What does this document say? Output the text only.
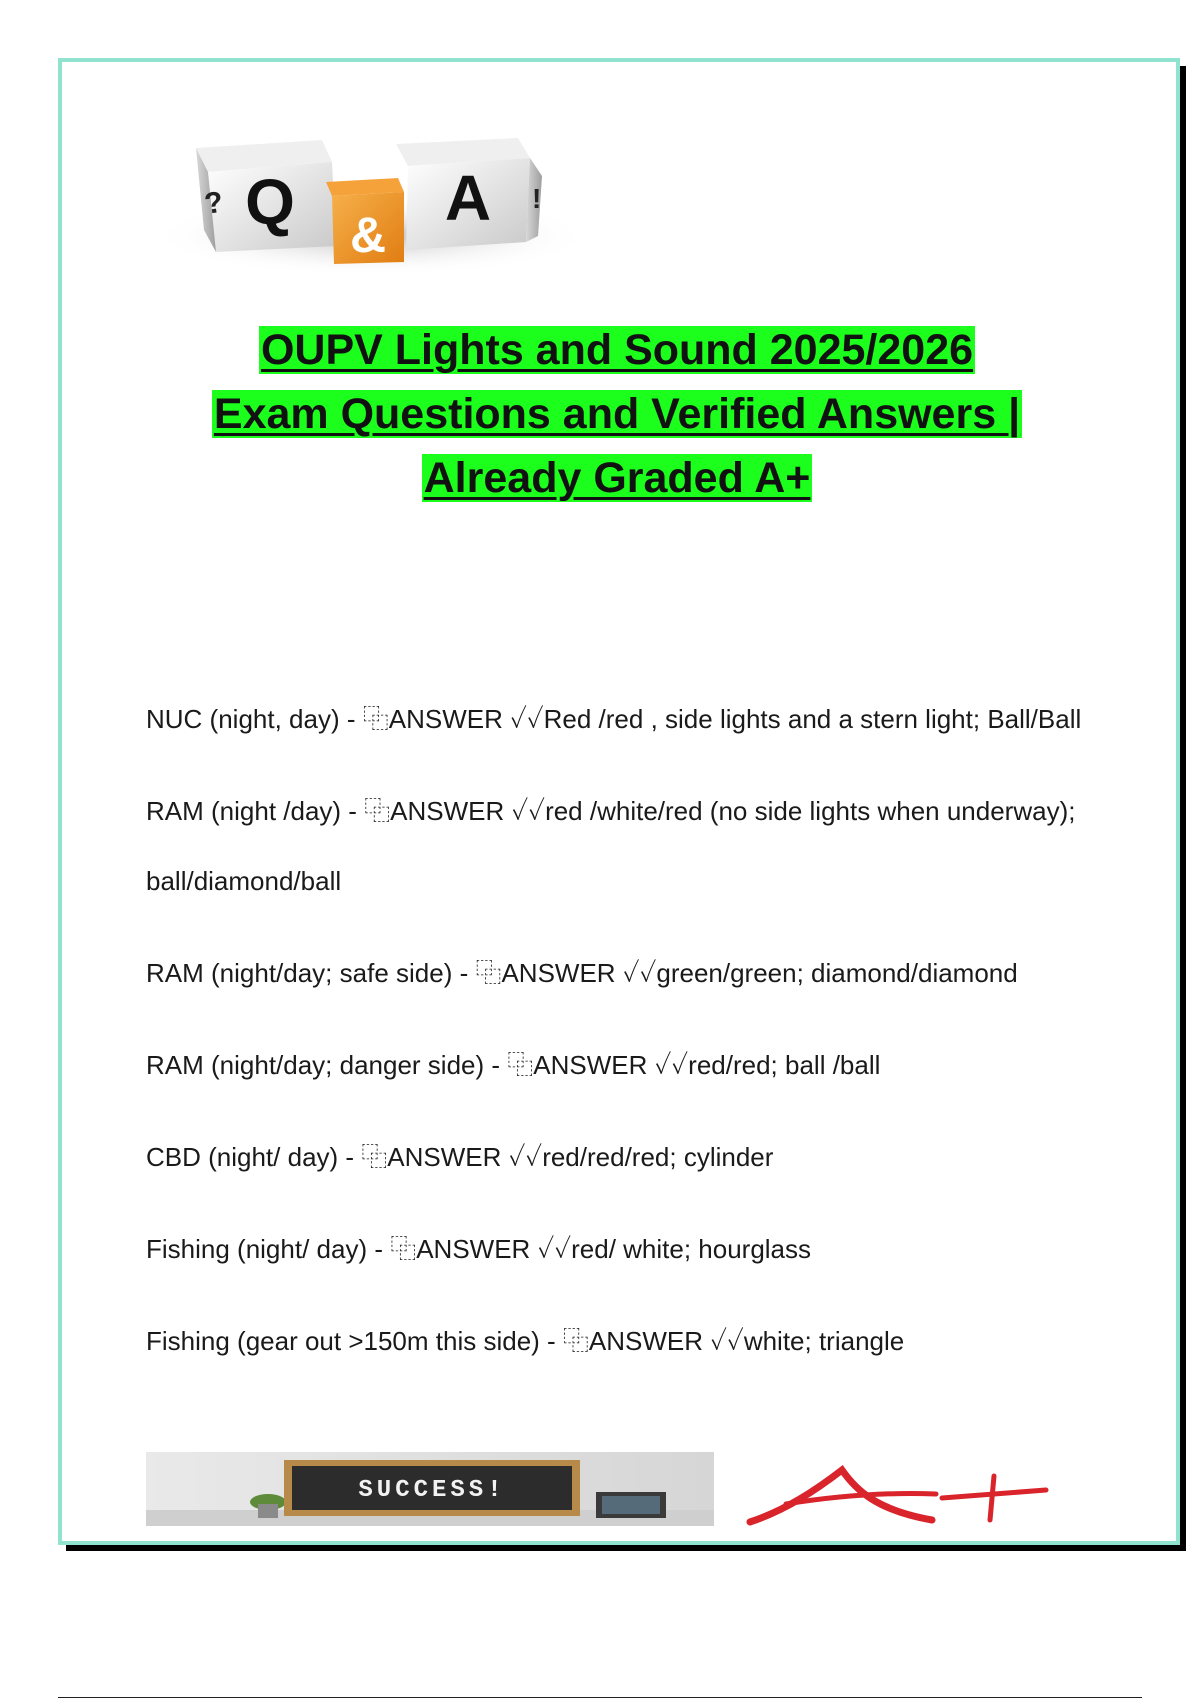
Q
?
&
A !
OUPV Lights and Sound 2025/2026
Exam Questions and Verified Answers |
Already Graded A+
NUC (night, day) - ⿻ANSWER ✓✓Red /red , side lights and a stern light; Ball/Ball
RAM (night /day) - ⿻ANSWER ✓✓red /white/red (no side lights when underway); ball/diamond/ball
RAM (night/day; safe side) - ⿻ANSWER ✓✓green/green; diamond/diamond
RAM (night/day; danger side) - ⿻ANSWER ✓✓red/red; ball /ball
CBD (night/ day) - ⿻ANSWER ✓✓red/red/red; cylinder
Fishing (night/ day) - ⿻ANSWER ✓✓red/ white; hourglass
Fishing (gear out >150m this side) - ⿻ANSWER ✓✓white; triangle
SUCCESS!
